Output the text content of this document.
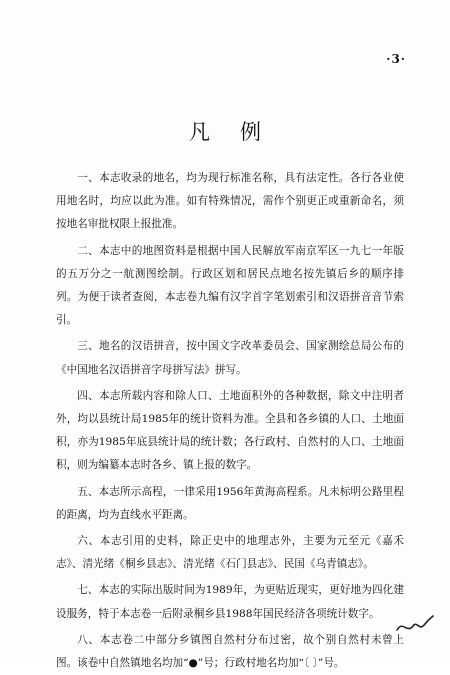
·3·
凡例

一、本志收录的地名，均为现行标准名称，具有法定性。各行各业使用地名时，均应以此为准。如有特殊情况，需作个别更正或重新命名，须按地名审批权限上报批准。

二、本志中的地图资料是根据中国人民解放军南京军区一九七一年版的五万分之一航测图绘制。行政区划和居民点地名按先镇后乡的顺序排列。为便于读者查阅，本志卷九编有汉字首字笔划索引和汉语拼音音节索引。

三、地名的汉语拼音，按中国文字改革委员会、国家测绘总局公布的《中国地名汉语拼音字母拼写法》拼写。

四、本志所载内容和除人口、土地面积外的各种数据，除文中注明者外，均以县统计局1985年的统计资料为准。全县和各乡镇的人口、土地面积，亦为1985年底县统计局的统计数；各行政村、自然村的人口、土地面积，则为编纂本志时各乡、镇上报的数字。

五、本志所示高程，一律采用1956年黄海高程系。凡未标明公路里程的距离，均为直线水平距离。

六、本志引用的史料，除正史中的地理志外，主要为元至元《嘉禾志》、清光绪《桐乡县志》、清光绪《石门县志》、民国《乌青镇志》。

七、本志的实际出版时间为1989年，为更贴近现实，更好地为四化建设服务，特于本志卷一后附录桐乡县1988年国民经济各项统计数字。

八、本志卷二中部分乡镇图自然村分布过密，故个别自然村未曾上图。该卷中自然镇地名均加“●”号；行政村地名均加“〔 〕”号。
